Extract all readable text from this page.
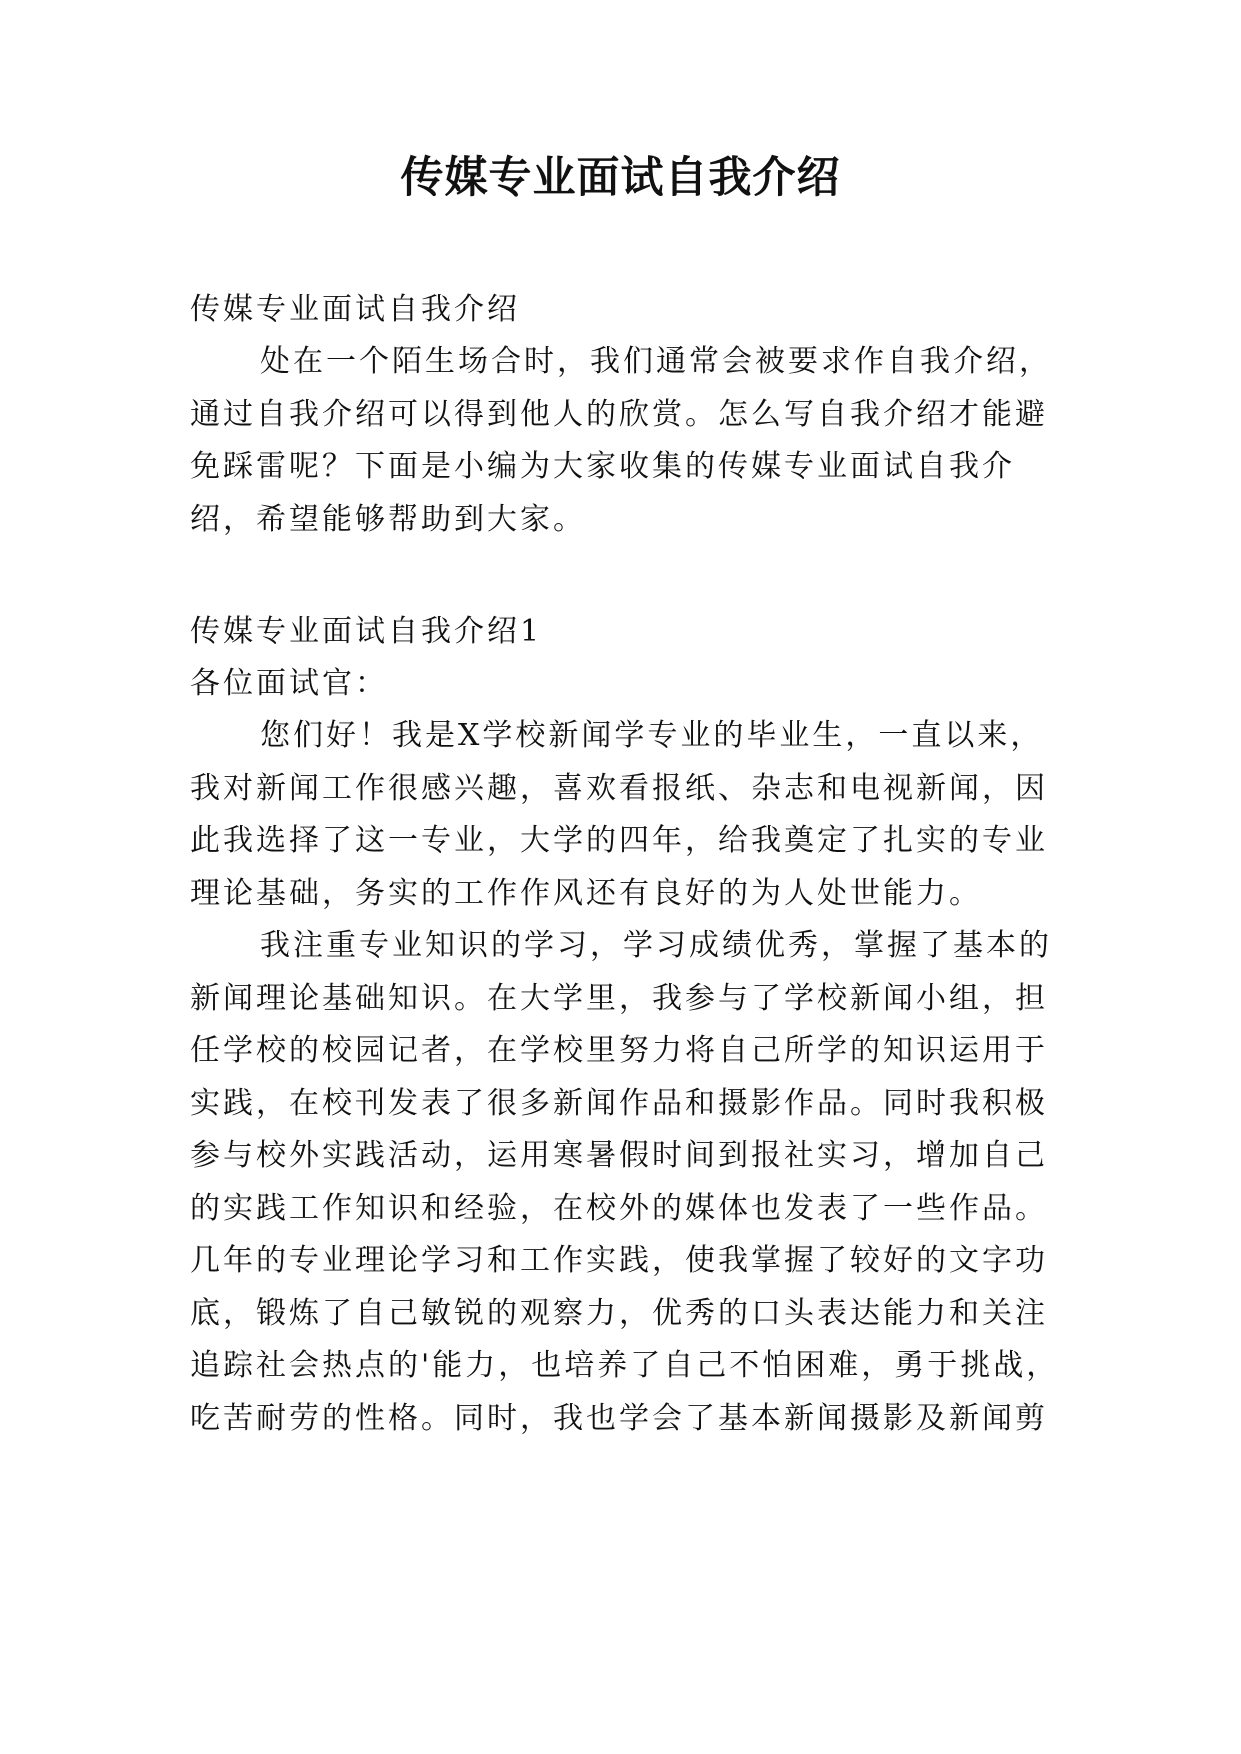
传媒专业面试自我介绍

传媒专业面试自我介绍

处在一个陌生场合时，我们通常会被要求作自我介绍，
通过自我介绍可以得到他人的欣赏。怎么写自我介绍才能避
免踩雷呢？下面是小编为大家收集的传媒专业面试自我介
绍，希望能够帮助到大家。

传媒专业面试自我介绍1

各位面试官：

您们好！我是X学校新闻学专业的毕业生，一直以来，
我对新闻工作很感兴趣，喜欢看报纸、杂志和电视新闻，因
此我选择了这一专业，大学的四年，给我奠定了扎实的专业
理论基础，务实的工作作风还有良好的为人处世能力。

我注重专业知识的学习，学习成绩优秀，掌握了基本的
新闻理论基础知识。在大学里，我参与了学校新闻小组，担
任学校的校园记者，在学校里努力将自己所学的知识运用于
实践，在校刊发表了很多新闻作品和摄影作品。同时我积极
参与校外实践活动，运用寒暑假时间到报社实习，增加自己
的实践工作知识和经验，在校外的媒体也发表了一些作品。
几年的专业理论学习和工作实践，使我掌握了较好的文字功
底，锻炼了自己敏锐的观察力，优秀的口头表达能力和关注
追踪社会热点的'能力，也培养了自己不怕困难，勇于挑战，
吃苦耐劳的性格。同时，我也学会了基本新闻摄影及新闻剪
